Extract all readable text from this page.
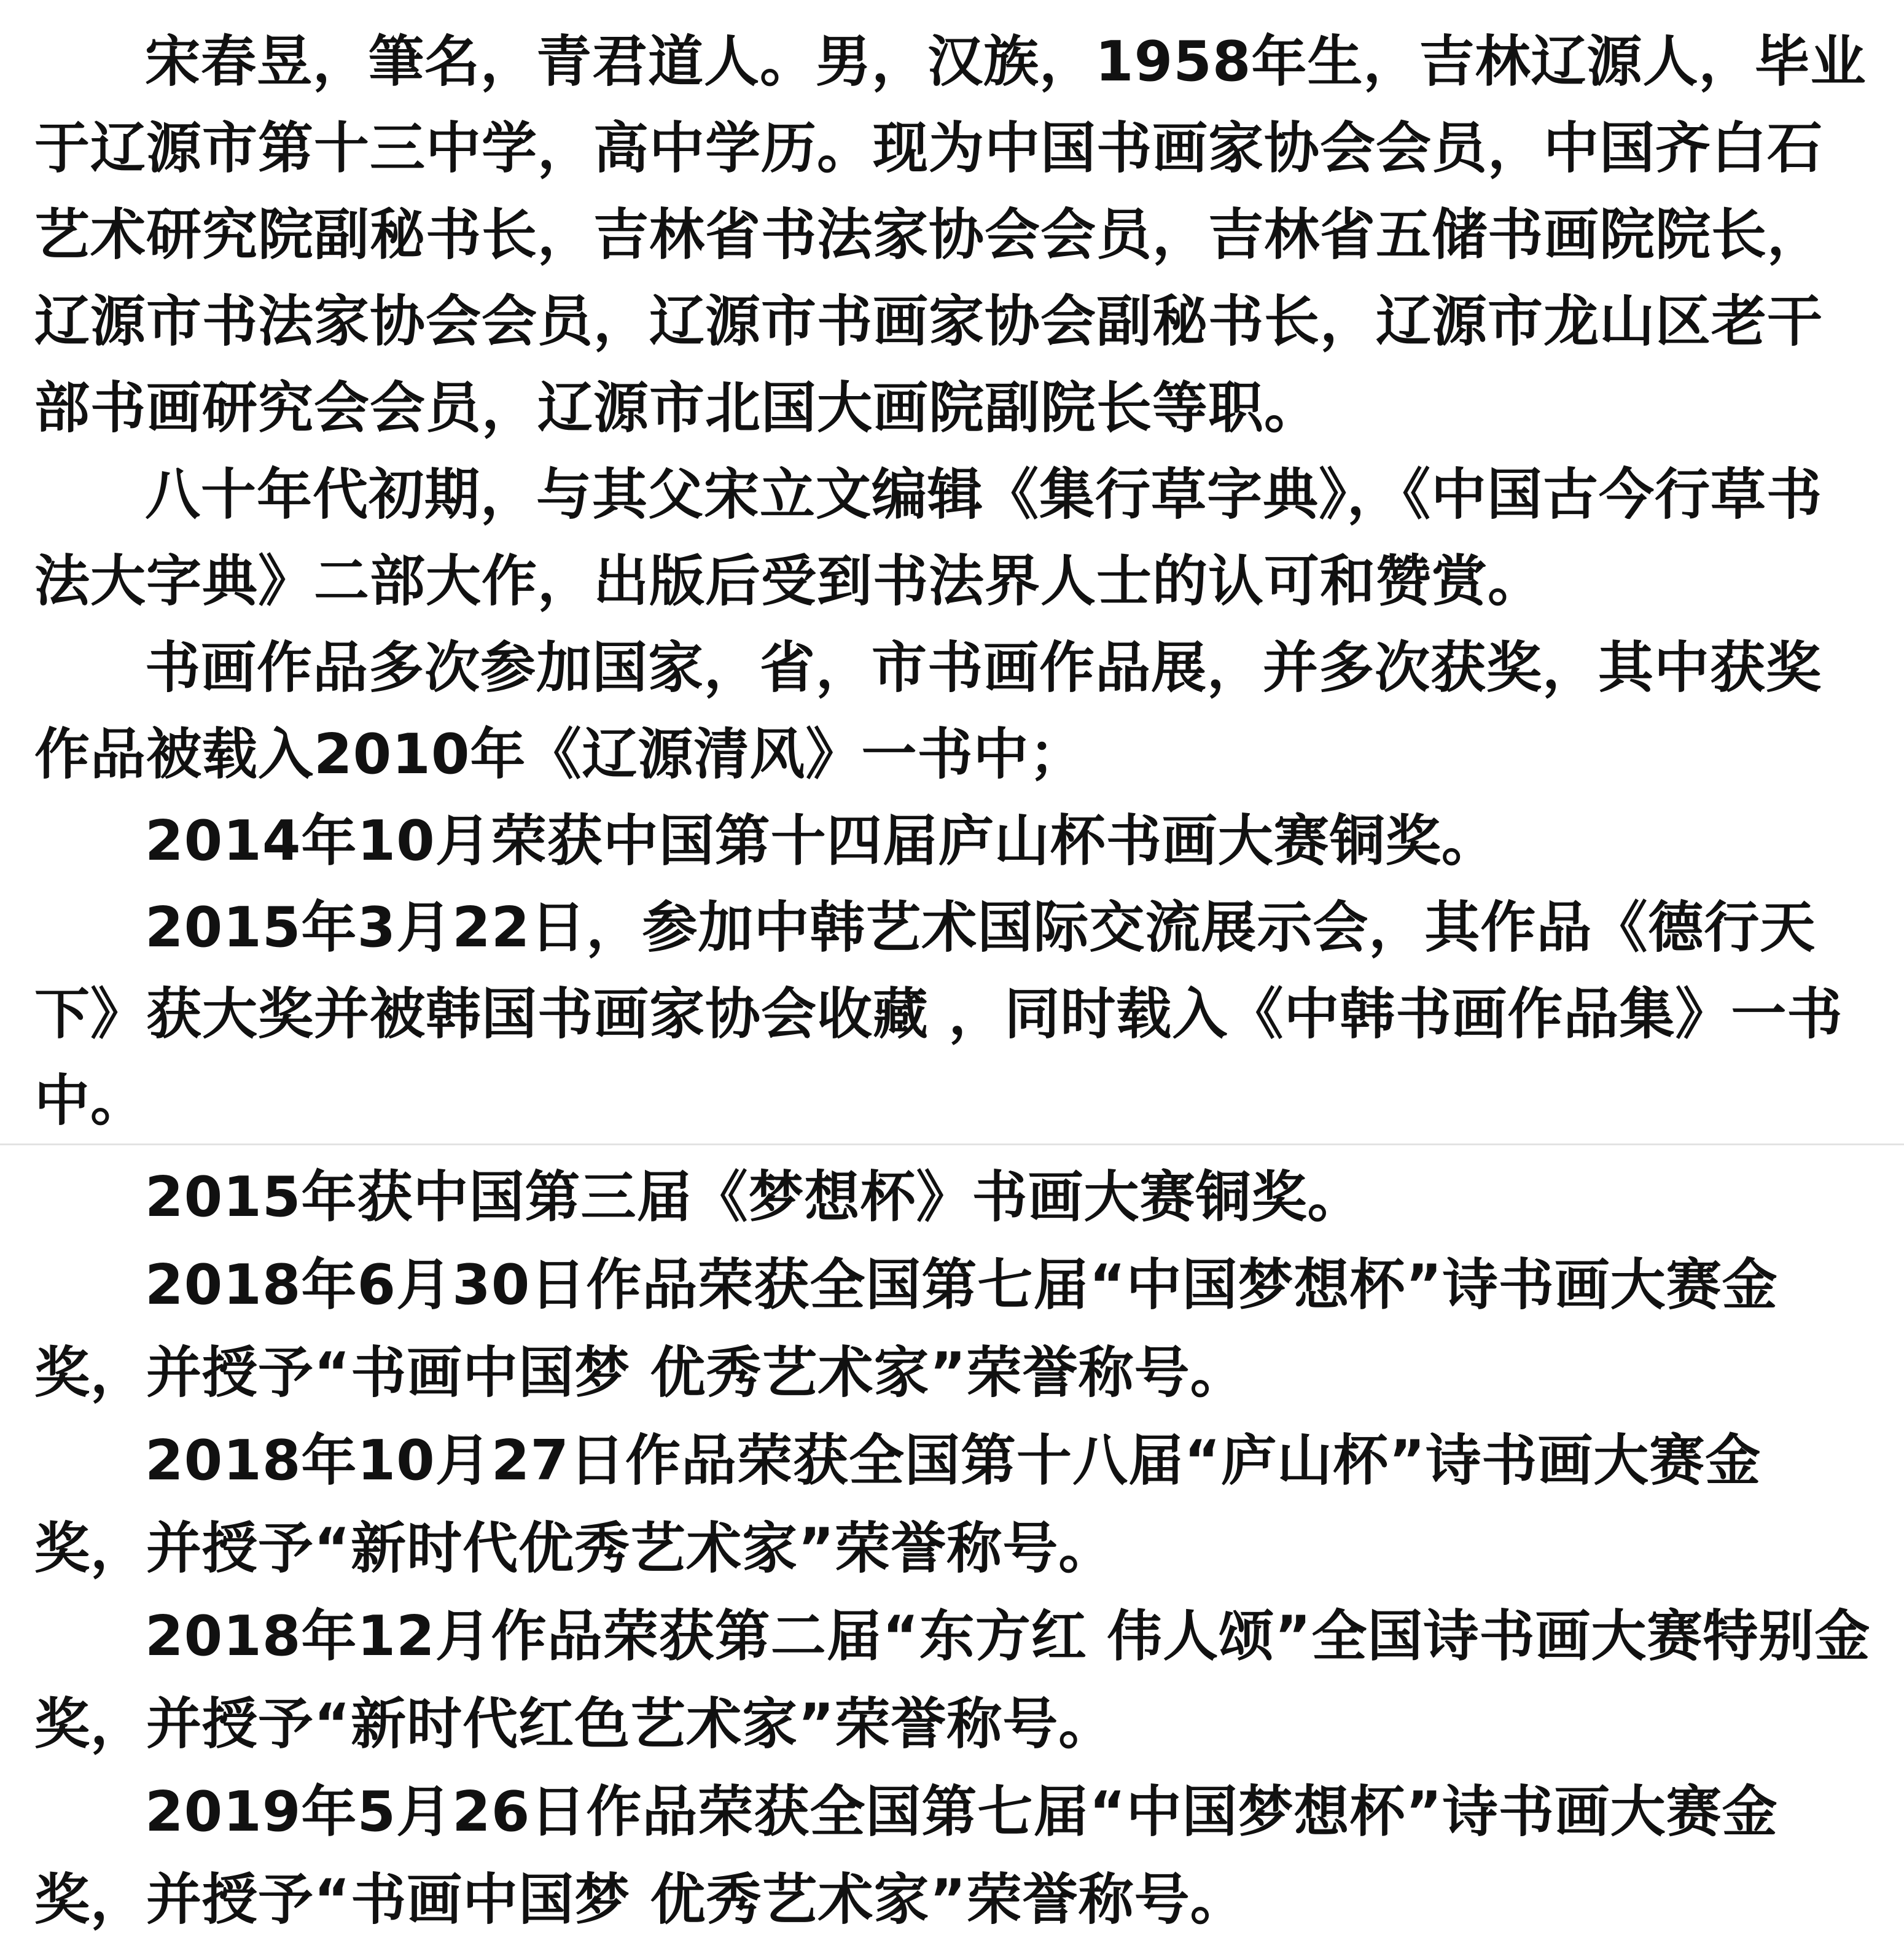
宋春昱，筆名，青君道人。男，汉族，1958年生，吉林辽源人，毕业于辽源市第十三中学，高中学历。现为中国书画家协会会员，中国齐白石艺术研究院副秘书长，吉林省书法家协会会员，吉林省五储书画院院长，辽源市书法家协会会员，辽源市书画家协会副秘书长，辽源市龙山区老干部书画研究会会员，辽源市北国大画院副院长等职。

八十年代初期，与其父宋立文编辑《集行草字典》，《中国古今行草书法大字典》二部大作，出版后受到书法界人士的认可和赞赏。

书画作品多次参加国家，省，市书画作品展，并多次获奖，其中获奖作品被载入2010年《辽源清风》一书中；

2014年10月荣获中国第十四届庐山杯书画大赛铜奖。

2015年3月22日，参加中韩艺术国际交流展示会，其作品《德行天下》获大奖并被韩国书画家协会收藏 ，同时载入《中韩书画作品集》一书中。

2015年获中国第三届《梦想杯》书画大赛铜奖。

2018年6月30日作品荣获全国第七届“中国梦想杯”诗书画大赛金奖，并授予“书画中国梦 优秀艺术家”荣誉称号。

2018年10月27日作品荣获全国第十八届“庐山杯”诗书画大赛金奖，并授予“新时代优秀艺术家”荣誉称号。

2018年12月作品荣获第二届“东方红 伟人颂”全国诗书画大赛特别金奖，并授予“新时代红色艺术家”荣誉称号。

2019年5月26日作品荣获全国第七届“中国梦想杯”诗书画大赛金奖，并授予“书画中国梦 优秀艺术家”荣誉称号。
